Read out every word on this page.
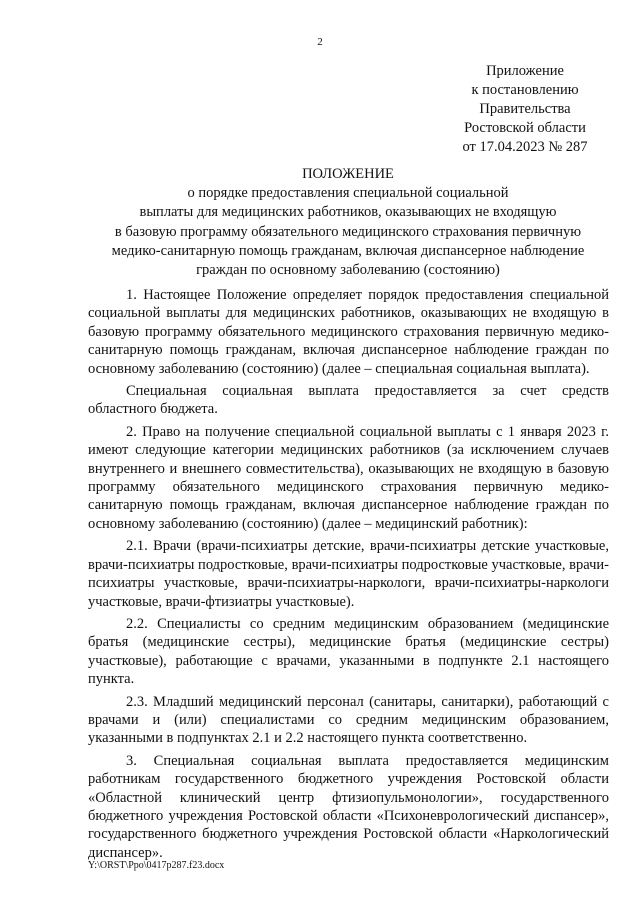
2
Приложение
к постановлению
Правительства
Ростовской области
от 17.04.2023 № 287
ПОЛОЖЕНИЕ
о порядке предоставления специальной социальной
выплаты для медицинских работников, оказывающих не входящую
в базовую программу обязательного медицинского страхования первичную
медико-санитарную помощь гражданам, включая диспансерное наблюдение
граждан по основному заболеванию (состоянию)

1. Настоящее Положение определяет порядок предоставления специальной социальной выплаты для медицинских работников, оказывающих не входящую в базовую программу обязательного медицинского страхования первичную медико-санитарную помощь гражданам, включая диспансерное наблюдение граждан по основному заболеванию (состоянию) (далее – специальная социальная выплата).

Специальная социальная выплата предоставляется за счет средств областного бюджета.

2. Право на получение специальной социальной выплаты с 1 января 2023 г. имеют следующие категории медицинских работников (за исключением случаев внутреннего и внешнего совместительства), оказывающих не входящую в базовую программу обязательного медицинского страхования первичную медико-санитарную помощь гражданам, включая диспансерное наблюдение граждан по основному заболеванию (состоянию) (далее – медицинский работник):

2.1. Врачи (врачи-психиатры детские, врачи-психиатры детские участковые, врачи-психиатры подростковые, врачи-психиатры подростковые участковые, врачи-психиатры участковые, врачи-психиатры-наркологи, врачи-психиатры-наркологи участковые, врачи-фтизиатры участковые).

2.2. Специалисты со средним медицинским образованием (медицинские братья (медицинские сестры), медицинские братья (медицинские сестры) участковые), работающие с врачами, указанными в подпункте 2.1 настоящего пункта.

2.3. Младший медицинский персонал (санитары, санитарки), работающий с врачами и (или) специалистами со средним медицинским образованием, указанными в подпунктах 2.1 и 2.2 настоящего пункта соответственно.

3. Специальная социальная выплата предоставляется медицинским работникам государственного бюджетного учреждения Ростовской области «Областной клинический центр фтизиопульмонологии», государственного бюджетного учреждения Ростовской области «Психоневрологический диспансер», государственного бюджетного учреждения Ростовской области «Наркологический диспансер».

Y:\ORST\Ppo\0417p287.f23.docx
